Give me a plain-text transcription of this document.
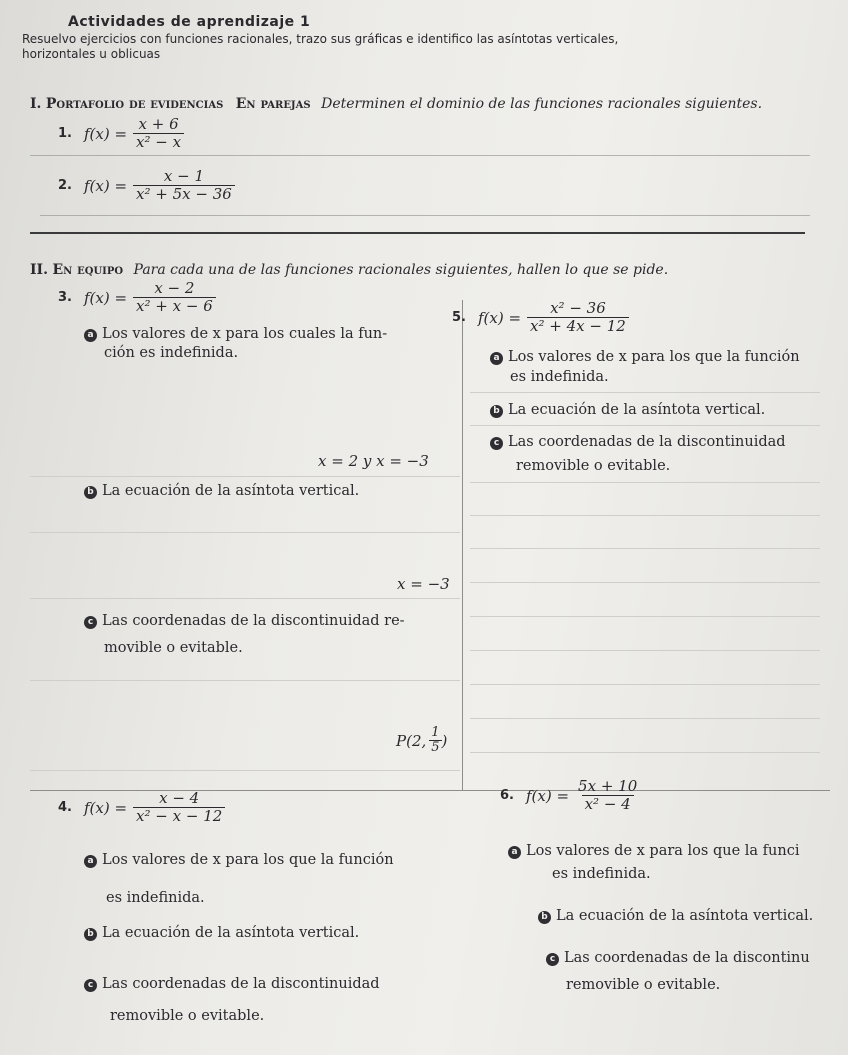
Actividades de aprendizaje 1
Resuelvo ejercicios con funciones racionales, trazo sus gráficas e identifico las asíntotas verticales,
horizontales u oblicuas
I. Portafolio de evidencias En parejas Determinen el dominio de las funciones racionales siguientes.
1. $f(x) = \frac{x + 6}{\text{x² − x}}$
2. $f(x) = \frac{x - 1}{\text{x² + 5x − 36}}$
II. En equipo Para cada una de las funciones racionales siguientes, hallen lo que se pide.
3. $f(x) = \frac{x - 2}{\text{x² + x − 6}}$
a Los valores de x para los cuales la fun-
ción es indefinida.
x = 2 y x = −3
b La ecuación de la asíntota vertical.
x = −3
c Las coordenadas de la discontinuidad re-
movible o evitable.
P(2, $\frac{1}{5}$ )
5. $f(x) = \frac{\text{x² − 36}}{\text{x² + 4x − 12}}$
a Los valores de x para los que la función
es indefinida.
b La ecuación de la asíntota vertical.
c Las coordenadas de la discontinuidad
removible o evitable.
4. $f(x) = \frac{x - 4}{\text{x² − x − 12}}$
a Los valores de x para los que la función
es indefinida.
b La ecuación de la asíntota vertical.
c Las coordenadas de la discontinuidad
removible o evitable.
6. $f(x) = \frac{5x + 10}{\text{x² − 4}}$
a Los valores de x para los que la funci
es indefinida.
b La ecuación de la asíntota vertical.
c Las coordenadas de la discontinu
removible o evitable.
